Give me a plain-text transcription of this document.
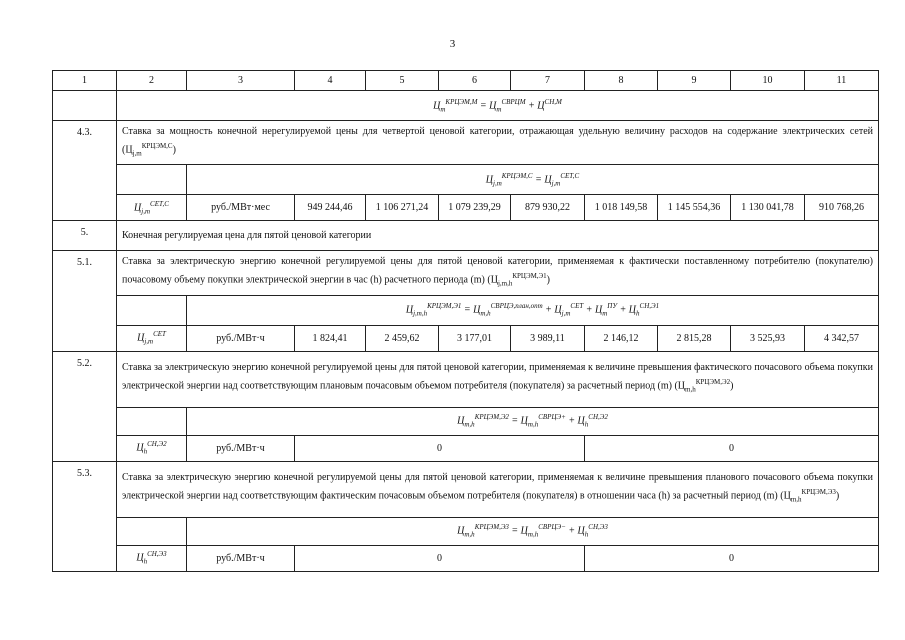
3
1	2	3	4	5	6	7	8	9	10	11
	$Ц_m^{КРЦЭМ,М} = Ц_m^{СВРЦМ} + Ц^{СН,М}$
4.3.	Ставка за мощность конечной нерегулируемой цены для четвертой ценовой категории, отражающая удельную величину расходов на содержание электрических сетей $(Ц_{j,m}^{КРЦЭМ,С})$									
		$Ц_{j,m}^{КРЦЭМ,С} = Ц_{j,m}^{СЕТ,С}$
	$Ц_{j,m}^{СЕТ,С}$	руб./МВт·мес	949 244,46	1 106 271,24	1 079 239,29	879 930,22	1 018 149,58	1 145 554,36	1 130 041,78	910 768,26
5.	Конечная регулируемая цена для пятой ценовой категории									
5.1.	Ставка за электрическую энергию конечной регулируемой цены для пятой ценовой категории, применяемая к фактически поставленному потребителю (покупателю) почасовому объему покупки электрической энергии в час (h) расчетного периода (m) $(Ц_{j,m,h}^{КРЦЭМ,Э1})$									
		$Ц_{j,m,h}^{КРЦЭМ,Э1} = Ц_{m,h}^{СВРЦЭ,план,опт} + Ц_{j,m}^{СЕТ} + Ц_m^{ПУ} + Ц_h^{СН,Э1}$
	$Ц_{j,m}^{СЕТ}$	руб./МВт·ч	1 824,41	2 459,62	3 177,01	3 989,11	2 146,12	2 815,28	3 525,93	4 342,57
5.2.	Ставка за электрическую энергию конечной регулируемой цены для пятой ценовой категории, применяемая к величине превышения фактического почасового объема покупки электрической энергии над соответствующим плановым почасовым объемом потребителя (покупателя) за расчетный период (m) $(Ц_{m,h}^{КРЦЭМ,Э2})$									
		$Ц_{m,h}^{КРЦЭМ,Э2} = Ц_{m,h}^{СВРЦЭ+} + Ц_h^{СН,Э2}$
	$Ц_h^{СН,Э2}$	руб./МВт·ч	0				0			
5.3.	Ставка за электрическую энергию конечной регулируемой цены для пятой ценовой категории, применяемая к величине превышения планового почасового объема покупки электрической энергии над соответствующим фактическим почасовым объемом потребителя (покупателя) в отношении часа (h) за расчетный период (m) $(Ц_{m,h}^{КРЦЭМ,Э3})$									
		$Ц_{m,h}^{КРЦЭМ,Э3} = Ц_{m,h}^{СВРЦЭ-} + Ц_h^{СН,Э3}$
	$Ц_h^{СН,Э3}$	руб./МВт·ч	0				0			
